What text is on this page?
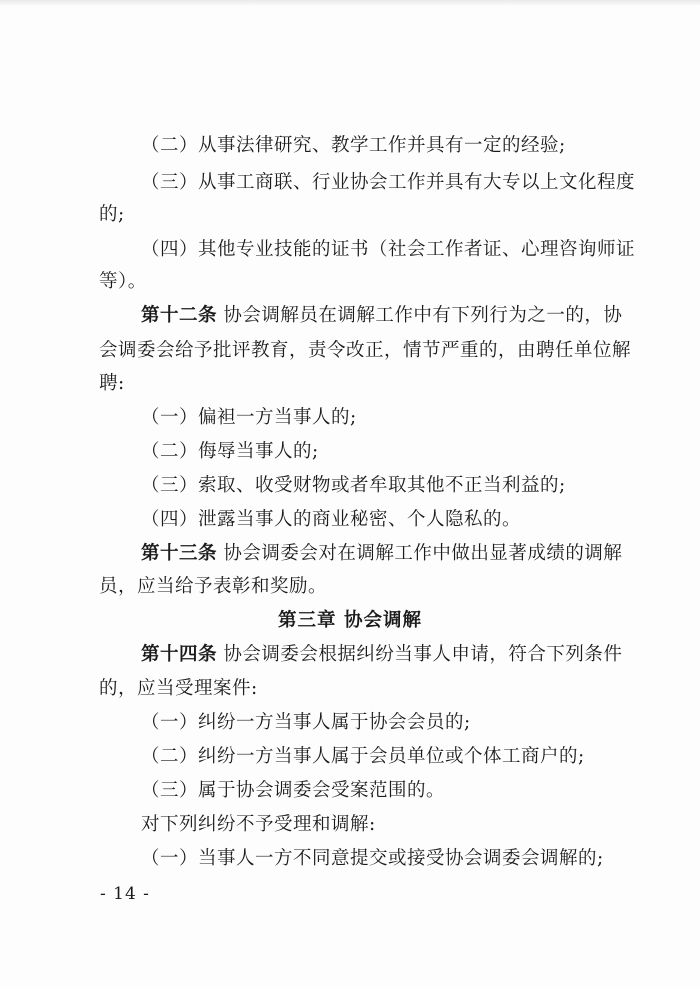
（二）从事法律研究、教学工作并具有一定的经验;
（三）从事工商联、行业协会工作并具有大专以上文化程度
的;
（四）其他专业技能的证书（社会工作者证、心理咨询师证
等）。
第十二条 协会调解员在调解工作中有下列行为之一的，协
会调委会给予批评教育，责令改正，情节严重的，由聘任单位解
聘:
（一）偏袒一方当事人的;
（二）侮辱当事人的;
（三）索取、收受财物或者牟取其他不正当利益的;
（四）泄露当事人的商业秘密、个人隐私的。
第十三条 协会调委会对在调解工作中做出显著成绩的调解
员，应当给予表彰和奖励。
第三章 协会调解
第十四条 协会调委会根据纠纷当事人申请，符合下列条件
的，应当受理案件:
（一）纠纷一方当事人属于协会会员的;
（二）纠纷一方当事人属于会员单位或个体工商户的;
（三）属于协会调委会受案范围的。
对下列纠纷不予受理和调解:
（一）当事人一方不同意提交或接受协会调委会调解的;
- 14 -
